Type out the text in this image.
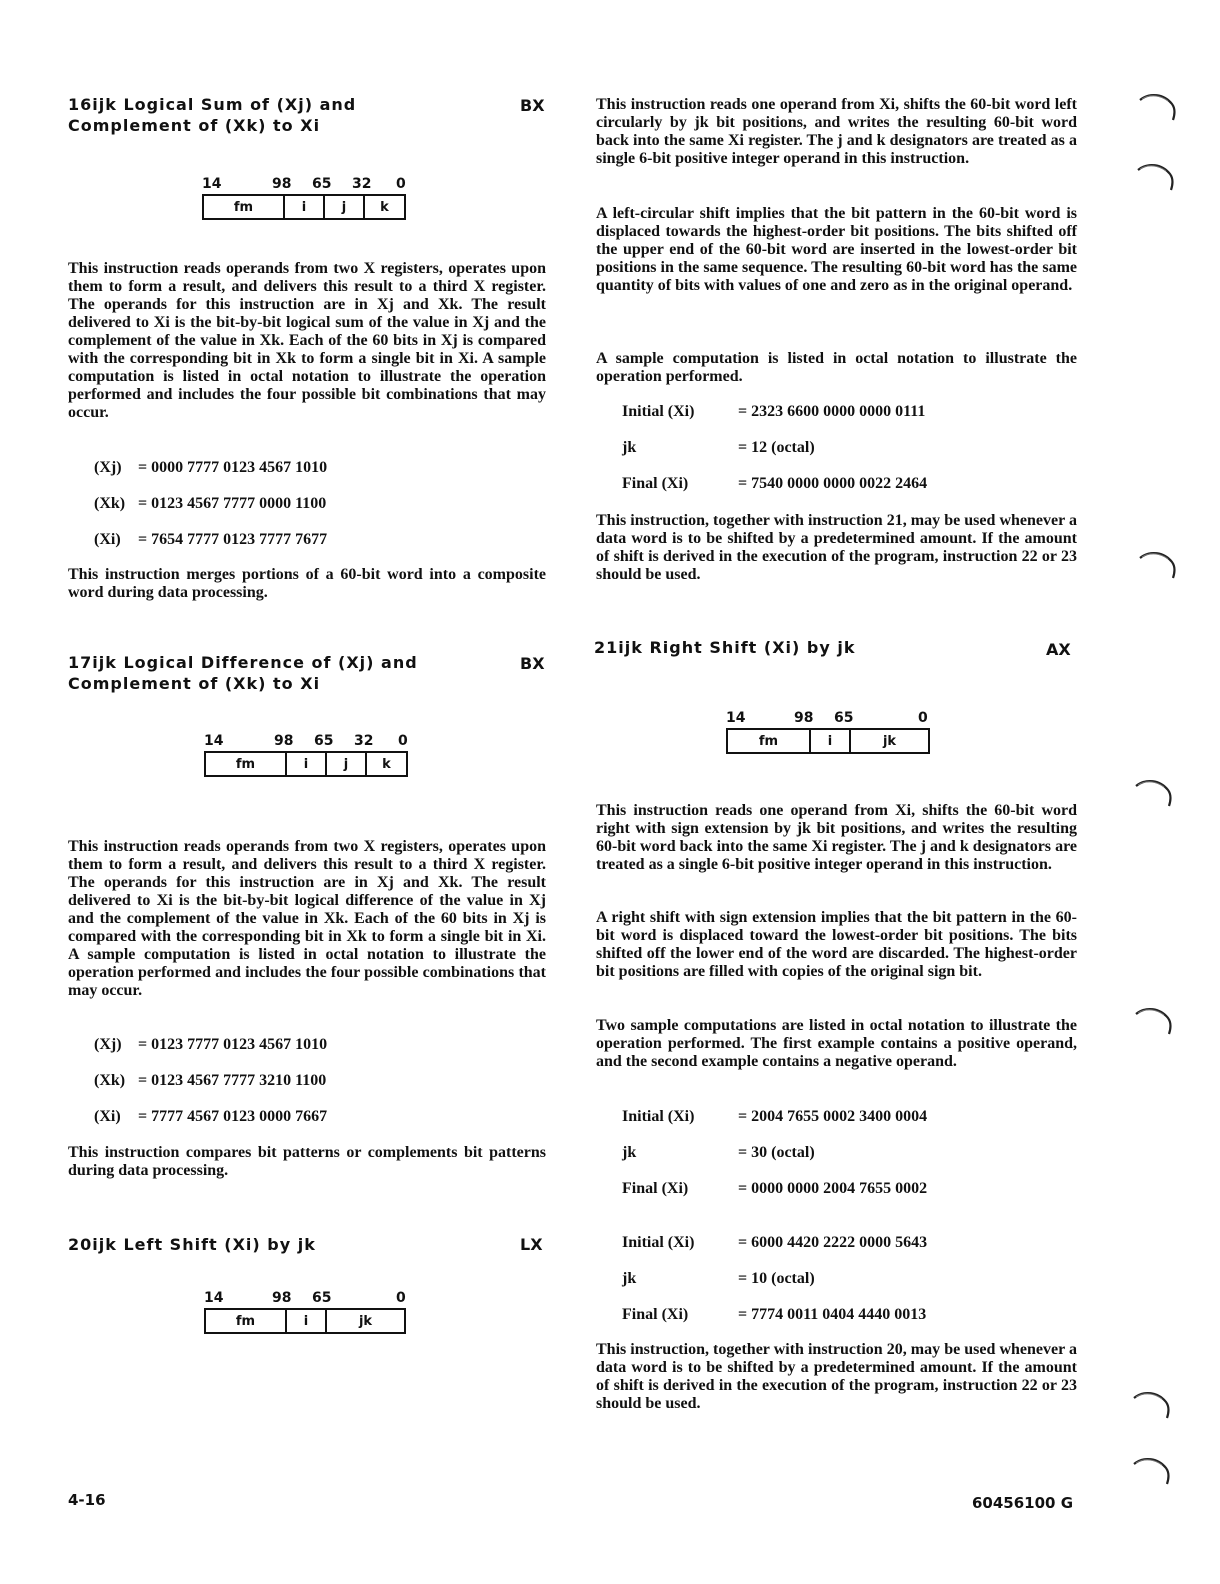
16ijk Logical Sum of (Xj) and
Complement of (Xk) to Xi
BX
14	98 65 32 0
fm	i	j	k
This instruction reads operands from two X registers, operates upon them to form a result, and delivers this result to a third X register. The operands for this instruction are in Xj and Xk. The result delivered to Xi is the bit-by-bit logical sum of the value in Xj and the complement of the value in Xk. Each of the 60 bits in Xj is compared with the corresponding bit in Xk to form a single bit in Xi. A sample computation is listed in octal notation to illustrate the operation performed and includes the four possible bit combinations that may occur.
(Xj) = 0000 7777 0123 4567 1010
(Xk) = 0123 4567 7777 0000 1100
(Xi) = 7654 7777 0123 7777 7677
This instruction merges portions of a 60-bit word into a composite word during data processing.
17ijk Logical Difference of (Xj) and
Complement of (Xk) to Xi
BX
14	98 65 32 0
fm	i	j	k
This instruction reads operands from two X registers, operates upon them to form a result, and delivers this result to a third X register. The operands for this instruction are in Xj and Xk. The result delivered to Xi is the bit-by-bit logical difference of the value in Xj and the complement of the value in Xk. Each of the 60 bits in Xj is compared with the corresponding bit in Xk to form a single bit in Xi. A sample computation is listed in octal notation to illustrate the operation performed and includes the four possible combinations that may occur.
(Xj) = 0123 7777 0123 4567 1010
(Xk) = 0123 4567 7777 3210 1100
(Xi) = 7777 4567 0123 0000 7667
This instruction compares bit patterns or complements bit patterns during data processing.
20ijk Left Shift (Xi) by jk	LX
14	98 65	0
fm	i	jk
4-16
This instruction reads one operand from Xi, shifts the 60-bit word left circularly by jk bit positions, and writes the resulting 60-bit word back into the same Xi register. The j and k designators are treated as a single 6-bit positive integer operand in this instruction.
A left-circular shift implies that the bit pattern in the 60-bit word is displaced towards the highest-order bit positions. The bits shifted off the upper end of the 60-bit word are inserted in the lowest-order bit positions in the same sequence. The resulting 60-bit word has the same quantity of bits with values of one and zero as in the original operand.
A sample computation is listed in octal notation to illustrate the operation performed.
Initial (Xi)	= 2323 6600 0000 0000 0111
jk	= 12 (octal)
Final (Xi)	= 7540 0000 0000 0022 2464
This instruction, together with instruction 21, may be used whenever a data word is to be shifted by a predetermined amount. If the amount of shift is derived in the execution of the program, instruction 22 or 23 should be used.
21ijk Right Shift (Xi) by jk	AX
14	98 65	0
fm	i	jk
This instruction reads one operand from Xi, shifts the 60-bit word right with sign extension by jk bit positions, and writes the resulting 60-bit word back into the same Xi register. The j and k designators are treated as a single 6-bit positive integer operand in this instruction.
A right shift with sign extension implies that the bit pattern in the 60-bit word is displaced toward the lowest-order bit positions. The bits shifted off the lower end of the word are discarded. The highest-order bit positions are filled with copies of the original sign bit.
Two sample computations are listed in octal notation to illustrate the operation performed. The first example contains a positive operand, and the second example contains a negative operand.
Initial (Xi)	= 2004 7655 0002 3400 0004
jk	= 30 (octal)
Final (Xi)	= 0000 0000 2004 7655 0002
Initial (Xi)	= 6000 4420 2222 0000 5643
jk	= 10 (octal)
Final (Xi)	= 7774 0011 0404 4440 0013
This instruction, together with instruction 20, may be used whenever a data word is to be shifted by a predetermined amount. If the amount of shift is derived in the execution of the program, instruction 22 or 23 should be used.
60456100 G
